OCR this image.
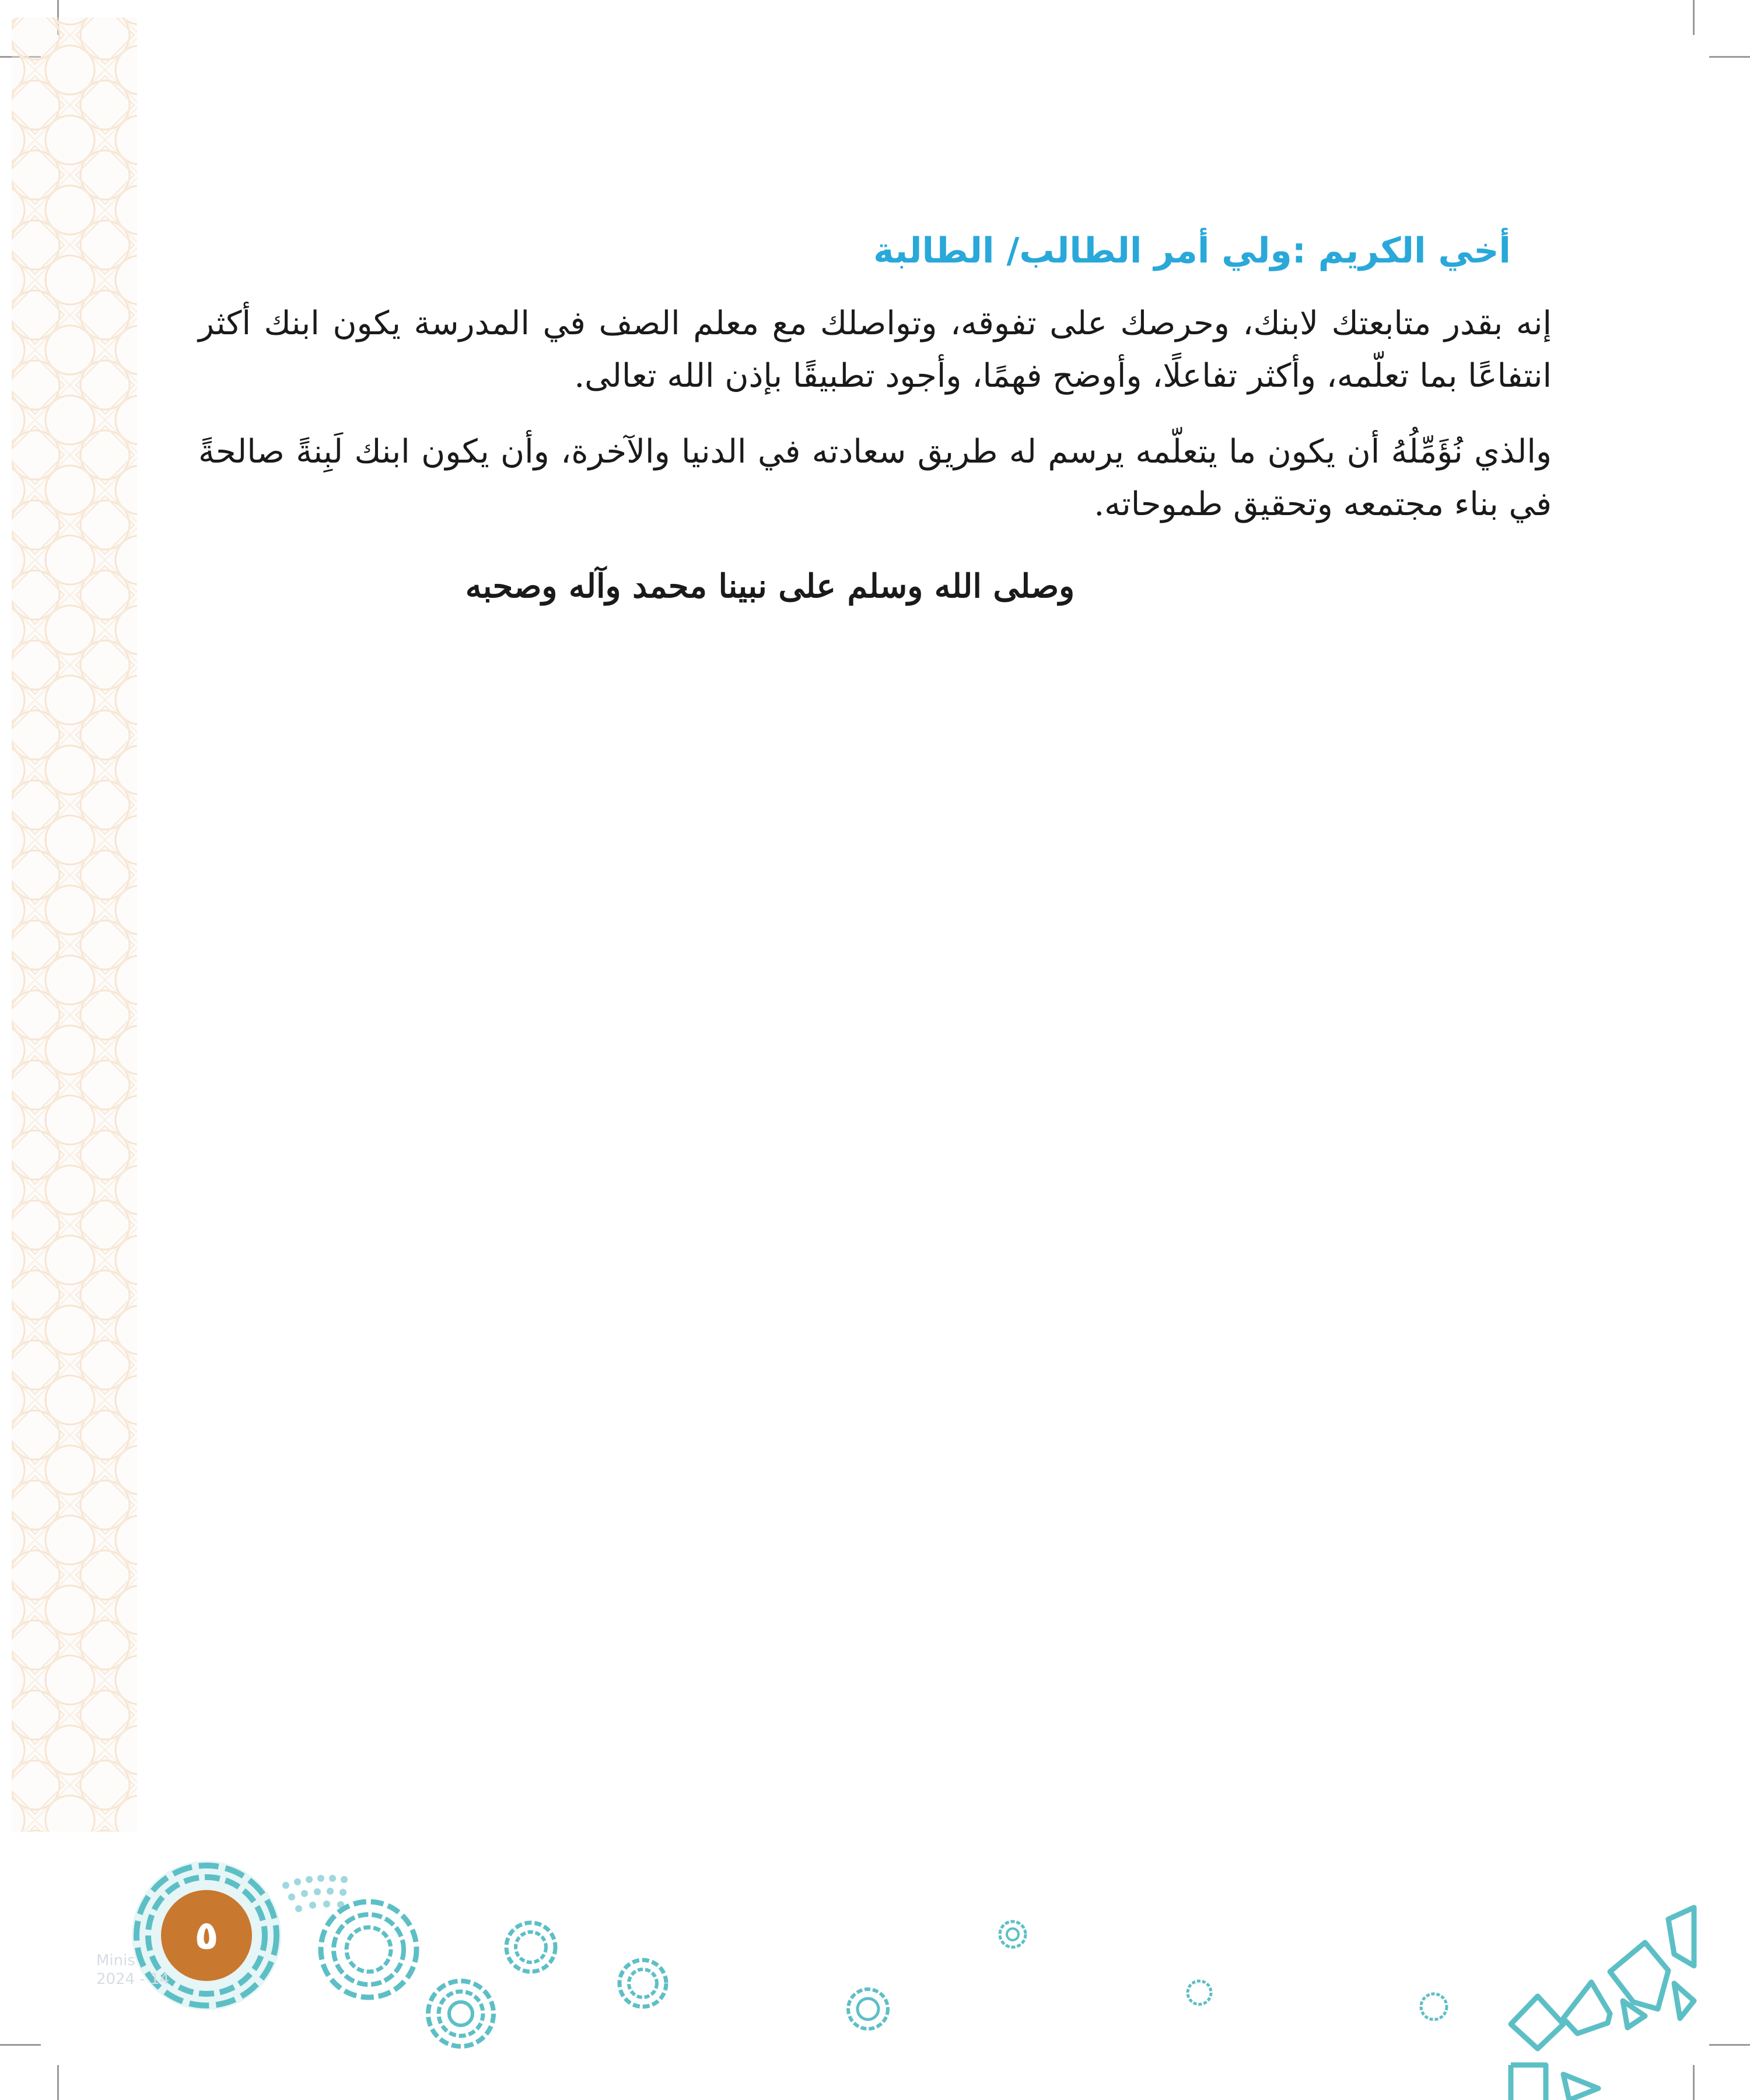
أخي الكريم :ولي أمر الطالب/ الطالبة

إنه بقدر متابعتك لابنك، وحرصك على تفوقه، وتواصلك مع معلم الصف في المدرسة يكون ابنك أكثر انتفاعًا بما تعلّمه، وأكثر تفاعلًا، وأوضح فهمًا، وأجود تطبيقًا بإذن الله تعالى.

والذي نُؤَمِّلُهُ أن يكون ما يتعلّمه يرسم له طريق سعادته في الدنيا والآخرة، وأن يكون ابنك لَبِنةً صالحةً في بناء مجتمعه وتحقيق طموحاته.

وصلى الله وسلم على نبينا محمد وآله وصحبه
Minis
2024 - 14
٥
